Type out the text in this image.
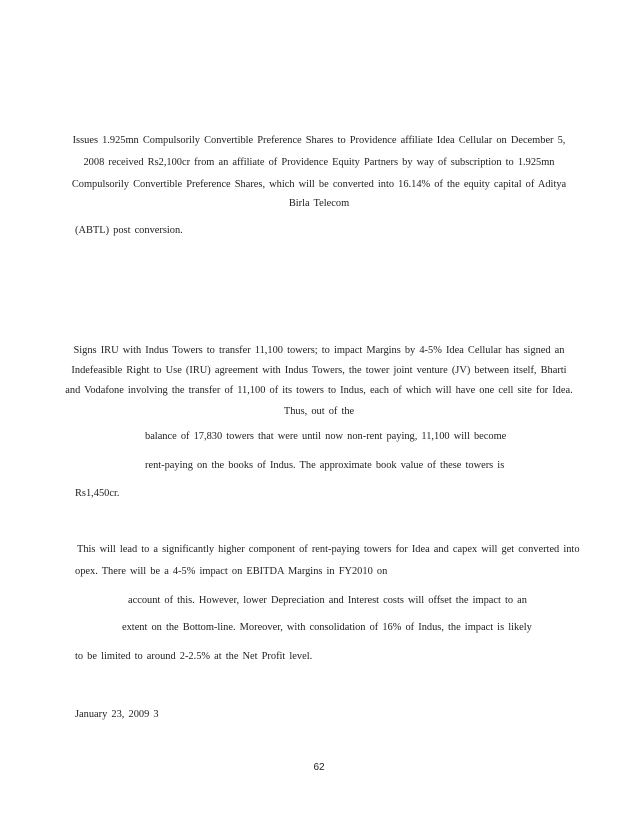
Issues 1.925mn Compulsorily Convertible Preference Shares to Providence affiliate Idea Cellular on December 5,
2008 received Rs2,100cr from an affiliate of Providence Equity Partners by way of subscription to 1.925mn
Compulsorily Convertible Preference Shares, which will be converted into 16.14% of the equity capital of Aditya
Birla Telecom
(ABTL) post conversion.
Signs IRU with Indus Towers to transfer 11,100 towers; to impact Margins by 4-5% Idea Cellular has signed an
Indefeasible Right to Use (IRU) agreement with Indus Towers, the tower joint venture (JV) between itself, Bharti
and Vodafone involving the transfer of 11,100 of its towers to Indus, each of which will have one cell site for Idea.
Thus, out of the
balance of 17,830 towers that were until now non-rent paying, 11,100 will become
rent-paying on the books of Indus. The approximate book value of these towers is
Rs1,450cr.
This will lead to a significantly higher component of rent-paying towers for Idea and capex will get converted into
opex. There will be a 4-5% impact on EBITDA Margins in FY2010 on
account of this. However, lower Depreciation and Interest costs will offset the impact to an
extent on the Bottom-line. Moreover, with consolidation of 16% of Indus, the impact is likely
to be limited to around 2-2.5% at the Net Profit level.
January 23, 2009 3
62
